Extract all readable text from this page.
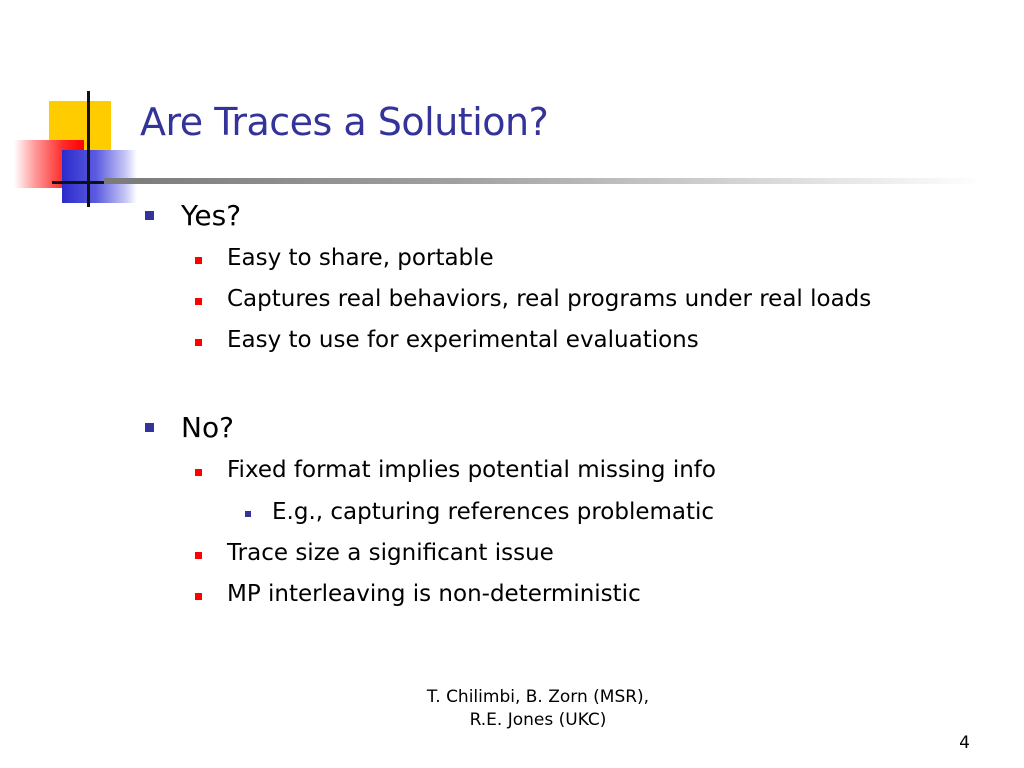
Are Traces a Solution?
Yes?
Easy to share, portable
Captures real behaviors, real programs under real loads
Easy to use for experimental evaluations
No?
Fixed format implies potential missing info
E.g., capturing references problematic
Trace size a significant issue
MP interleaving is non-deterministic
T. Chilimbi, B. Zorn (MSR),
R.E. Jones (UKC)
4
